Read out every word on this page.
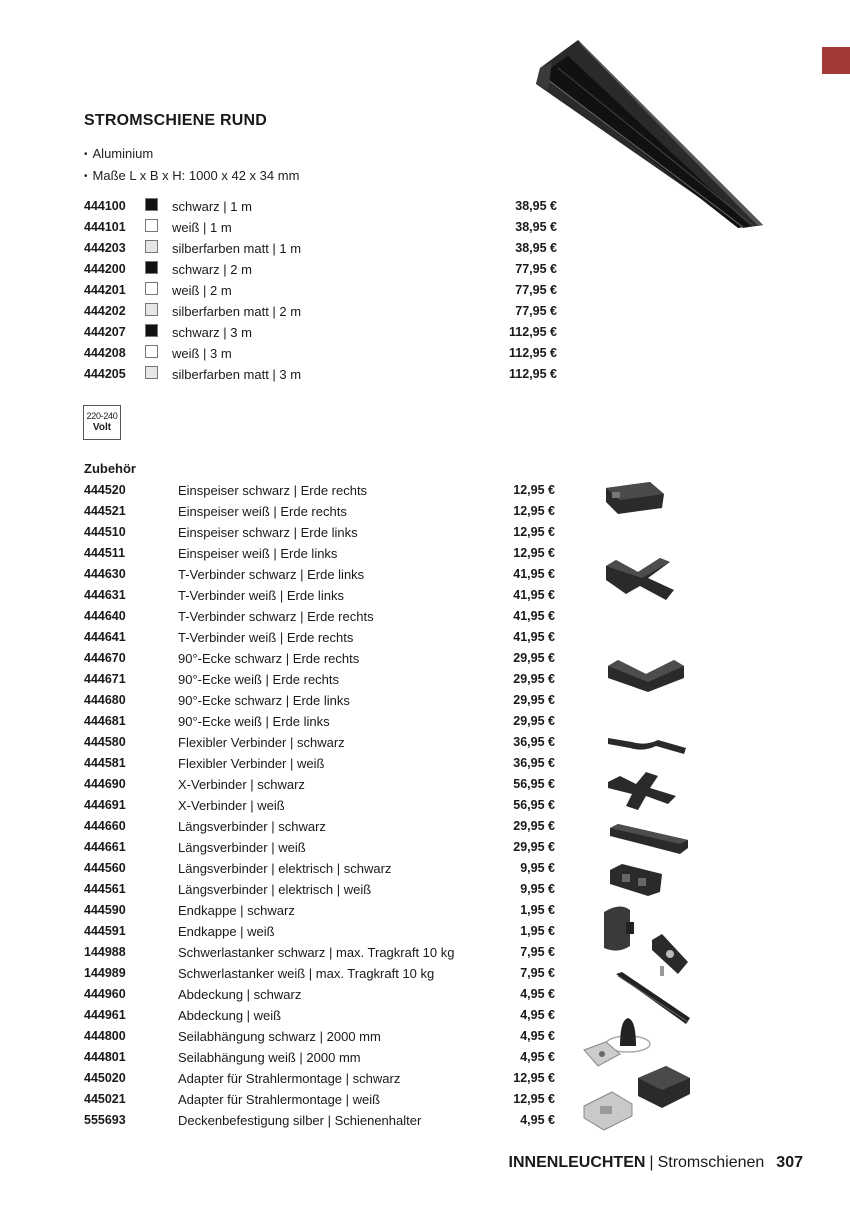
STROMSCHIENE RUND
• Aluminium
• Maße L x B x H: 1000 x 42 x 34 mm
444100	schwarz | 1 m	38,95 €
444101	weiß | 1 m	38,95 €
444203	silberfarben matt | 1 m	38,95 €
444200	schwarz | 2 m	77,95 €
444201	weiß | 2 m	77,95 €
444202	silberfarben matt | 2 m	77,95 €
444207	schwarz | 3 m	112,95 €
444208	weiß | 3 m	112,95 €
444205	silberfarben matt | 3 m	112,95 €
220-240
Volt
Zubehör
444520	Einspeiser schwarz | Erde rechts	12,95 €
444521	Einspeiser weiß | Erde rechts	12,95 €
444510	Einspeiser schwarz | Erde links	12,95 €
444511	Einspeiser weiß | Erde links	12,95 €
444630	T-Verbinder schwarz | Erde links	41,95 €
444631	T-Verbinder weiß | Erde links	41,95 €
444640	T-Verbinder schwarz | Erde rechts	41,95 €
444641	T-Verbinder weiß | Erde rechts	41,95 €
444670	90°-Ecke schwarz | Erde rechts	29,95 €
444671	90°-Ecke weiß | Erde rechts	29,95 €
444680	90°-Ecke schwarz | Erde links	29,95 €
444681	90°-Ecke weiß | Erde links	29,95 €
444580	Flexibler Verbinder | schwarz	36,95 €
444581	Flexibler Verbinder | weiß	36,95 €
444690	X-Verbinder | schwarz	56,95 €
444691	X-Verbinder | weiß	56,95 €
444660	Längsverbinder | schwarz	29,95 €
444661	Längsverbinder | weiß	29,95 €
444560	Längsverbinder | elektrisch | schwarz	9,95 €
444561	Längsverbinder | elektrisch | weiß	9,95 €
444590	Endkappe | schwarz	1,95 €
444591	Endkappe | weiß	1,95 €
144988	Schwerlastanker schwarz | max. Tragkraft 10 kg	7,95 €
144989	Schwerlastanker weiß | max. Tragkraft 10 kg	7,95 €
444960	Abdeckung | schwarz	4,95 €
444961	Abdeckung | weiß	4,95 €
444800	Seilabhängung schwarz | 2000 mm	4,95 €
444801	Seilabhängung weiß | 2000 mm	4,95 €
445020	Adapter für Strahlermontage | schwarz	12,95 €
445021	Adapter für Strahlermontage | weiß	12,95 €
555693	Deckenbefestigung silber | Schienenhalter	4,95 €
INNENLEUCHTEN | Stromschienen 307
